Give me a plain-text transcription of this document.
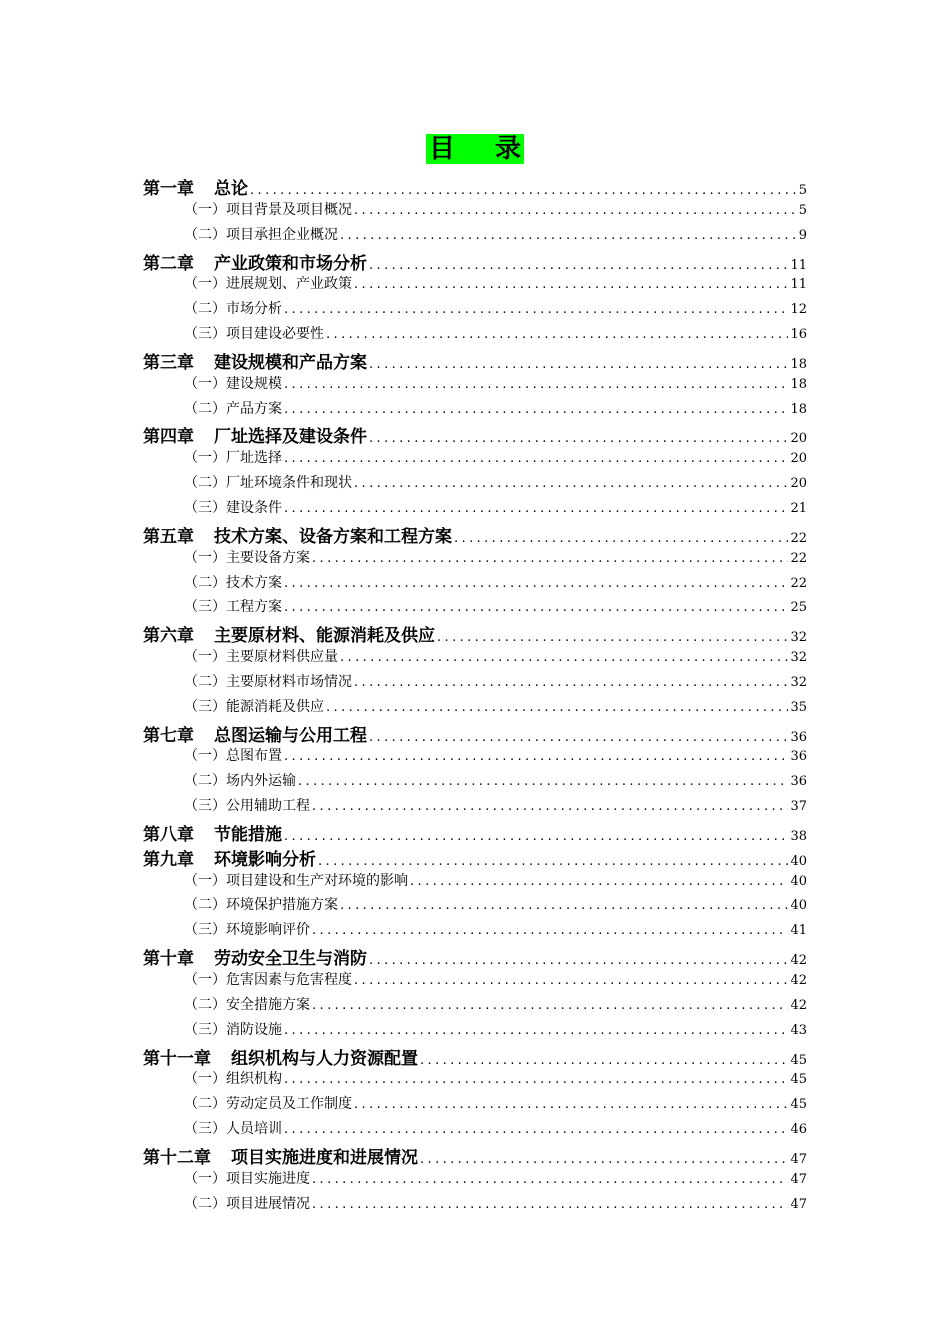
目录
第一章 总论 .....	5
（一）项目背景及项目概况 .....	5
（二）项目承担企业概况 .....	9
第二章 产业政策和市场分析 .....	11
（一）进展规划、产业政策 .....	11
（二）市场分析 .....	12
（三）项目建设必要性 .....	16
第三章 建设规模和产品方案 .....	18
（一）建设规模 .....	18
（二）产品方案 .....	18
第四章 厂址选择及建设条件 .....	20
（一）厂址选择 .....	20
（二）厂址环境条件和现状 .....	20
（三）建设条件 .....	21
第五章 技术方案、设备方案和工程方案 .....	22
（一）主要设备方案 .....	22
（二）技术方案 .....	22
（三）工程方案 .....	25
第六章 主要原材料、能源消耗及供应 .....	32
（一）主要原材料供应量 .....	32
（二）主要原材料市场情况 .....	32
（三）能源消耗及供应 .....	35
第七章 总图运输与公用工程 .....	36
（一）总图布置 .....	36
（二）场内外运输 .....	36
（三）公用辅助工程 .....	37
第八章 节能措施 .....	38
第九章 环境影响分析 .....	40
（一）项目建设和生产对环境的影响 .....	40
（二）环境保护措施方案 .....	40
（三）环境影响评价 .....	41
第十章 劳动安全卫生与消防 .....	42
（一）危害因素与危害程度 .....	42
（二）安全措施方案 .....	42
（三）消防设施 .....	43
第十一章 组织机构与人力资源配置 .....	45
（一）组织机构 .....	45
（二）劳动定员及工作制度 .....	45
（三）人员培训 .....	46
第十二章 项目实施进度和进展情况 .....	47
（一）项目实施进度 .....	47
（二）项目进展情况 .....	47
